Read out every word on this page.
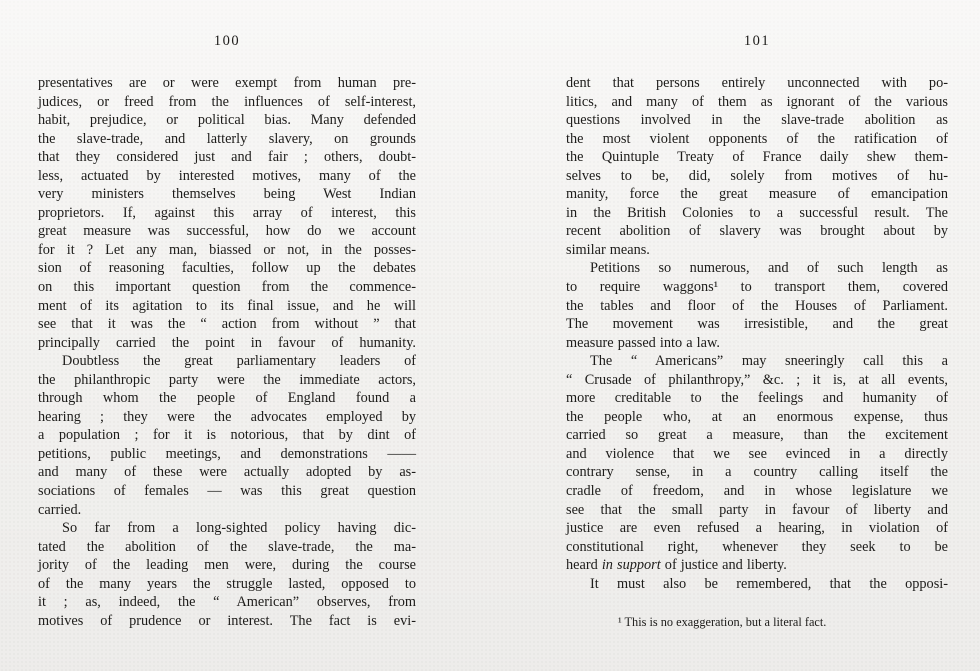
100
presentatives are or were exempt from human pre-
judices, or freed from the influences of self-interest,
habit, prejudice, or political bias. Many defended
the slave-trade, and latterly slavery, on grounds
that they considered just and fair ; others, doubt-
less, actuated by interested motives, many of the
very ministers themselves being West Indian
proprietors. If, against this array of interest, this
great measure was successful, how do we account
for it ? Let any man, biassed or not, in the posses-
sion of reasoning faculties, follow up the debates
on this important question from the commence-
ment of its agitation to its final issue, and he will
see that it was the “ action from without ” that
principally carried the point in favour of humanity.
Doubtless the great parliamentary leaders of
the philanthropic party were the immediate actors,
through whom the people of England found a
hearing ; they were the advocates employed by
a population ; for it is notorious, that by dint of
petitions, public meetings, and demonstrations ——
and many of these were actually adopted by as-
sociations of females — was this great question
carried.
So far from a long-sighted policy having dic-
tated the abolition of the slave-trade, the ma-
jority of the leading men were, during the course
of the many years the struggle lasted, opposed to
it ; as, indeed, the “ American” observes, from
motives of prudence or interest. The fact is evi-
101
dent that persons entirely unconnected with po-
litics, and many of them as ignorant of the various
questions involved in the slave-trade abolition as
the most violent opponents of the ratification of
the Quintuple Treaty of France daily shew them-
selves to be, did, solely from motives of hu-
manity, force the great measure of emancipation
in the British Colonies to a successful result. The
recent abolition of slavery was brought about by
similar means.
Petitions so numerous, and of such length as
to require waggons¹ to transport them, covered
the tables and floor of the Houses of Parliament.
The movement was irresistible, and the great
measure passed into a law.
The “ Americans” may sneeringly call this a
“ Crusade of philanthropy,” &c. ; it is, at all events,
more creditable to the feelings and humanity of
the people who, at an enormous expense, thus
carried so great a measure, than the excitement
and violence that we see evinced in a directly
contrary sense, in a country calling itself the
cradle of freedom, and in whose legislature we
see that the small party in favour of liberty and
justice are even refused a hearing, in violation of
constitutional right, whenever they seek to be
heard in support of justice and liberty.
It must also be remembered, that the opposi-
¹ This is no exaggeration, but a literal fact.
